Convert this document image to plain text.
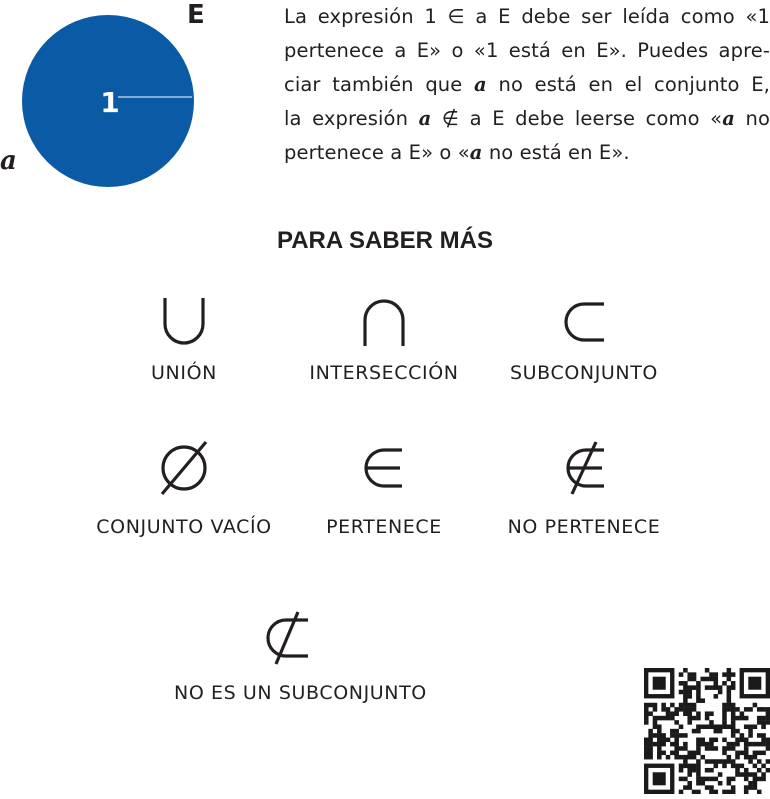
1
E
a
La expresión 1 ∈ a E debe ser leída como «1
pertenece a E» o «1 está en E». Puedes apre-
ciar también que a no está en el conjunto E,
la expresión a ∉ a E debe leerse como «a no
pertenece a E» o «a no está en E».
PARA SABER MÁS
UNIÓN	INTERSECCIÓN	SUBCONJUNTO
CONJUNTO VACÍO	PERTENECE	NO PERTENECE
NO ES UN SUBCONJUNTO
